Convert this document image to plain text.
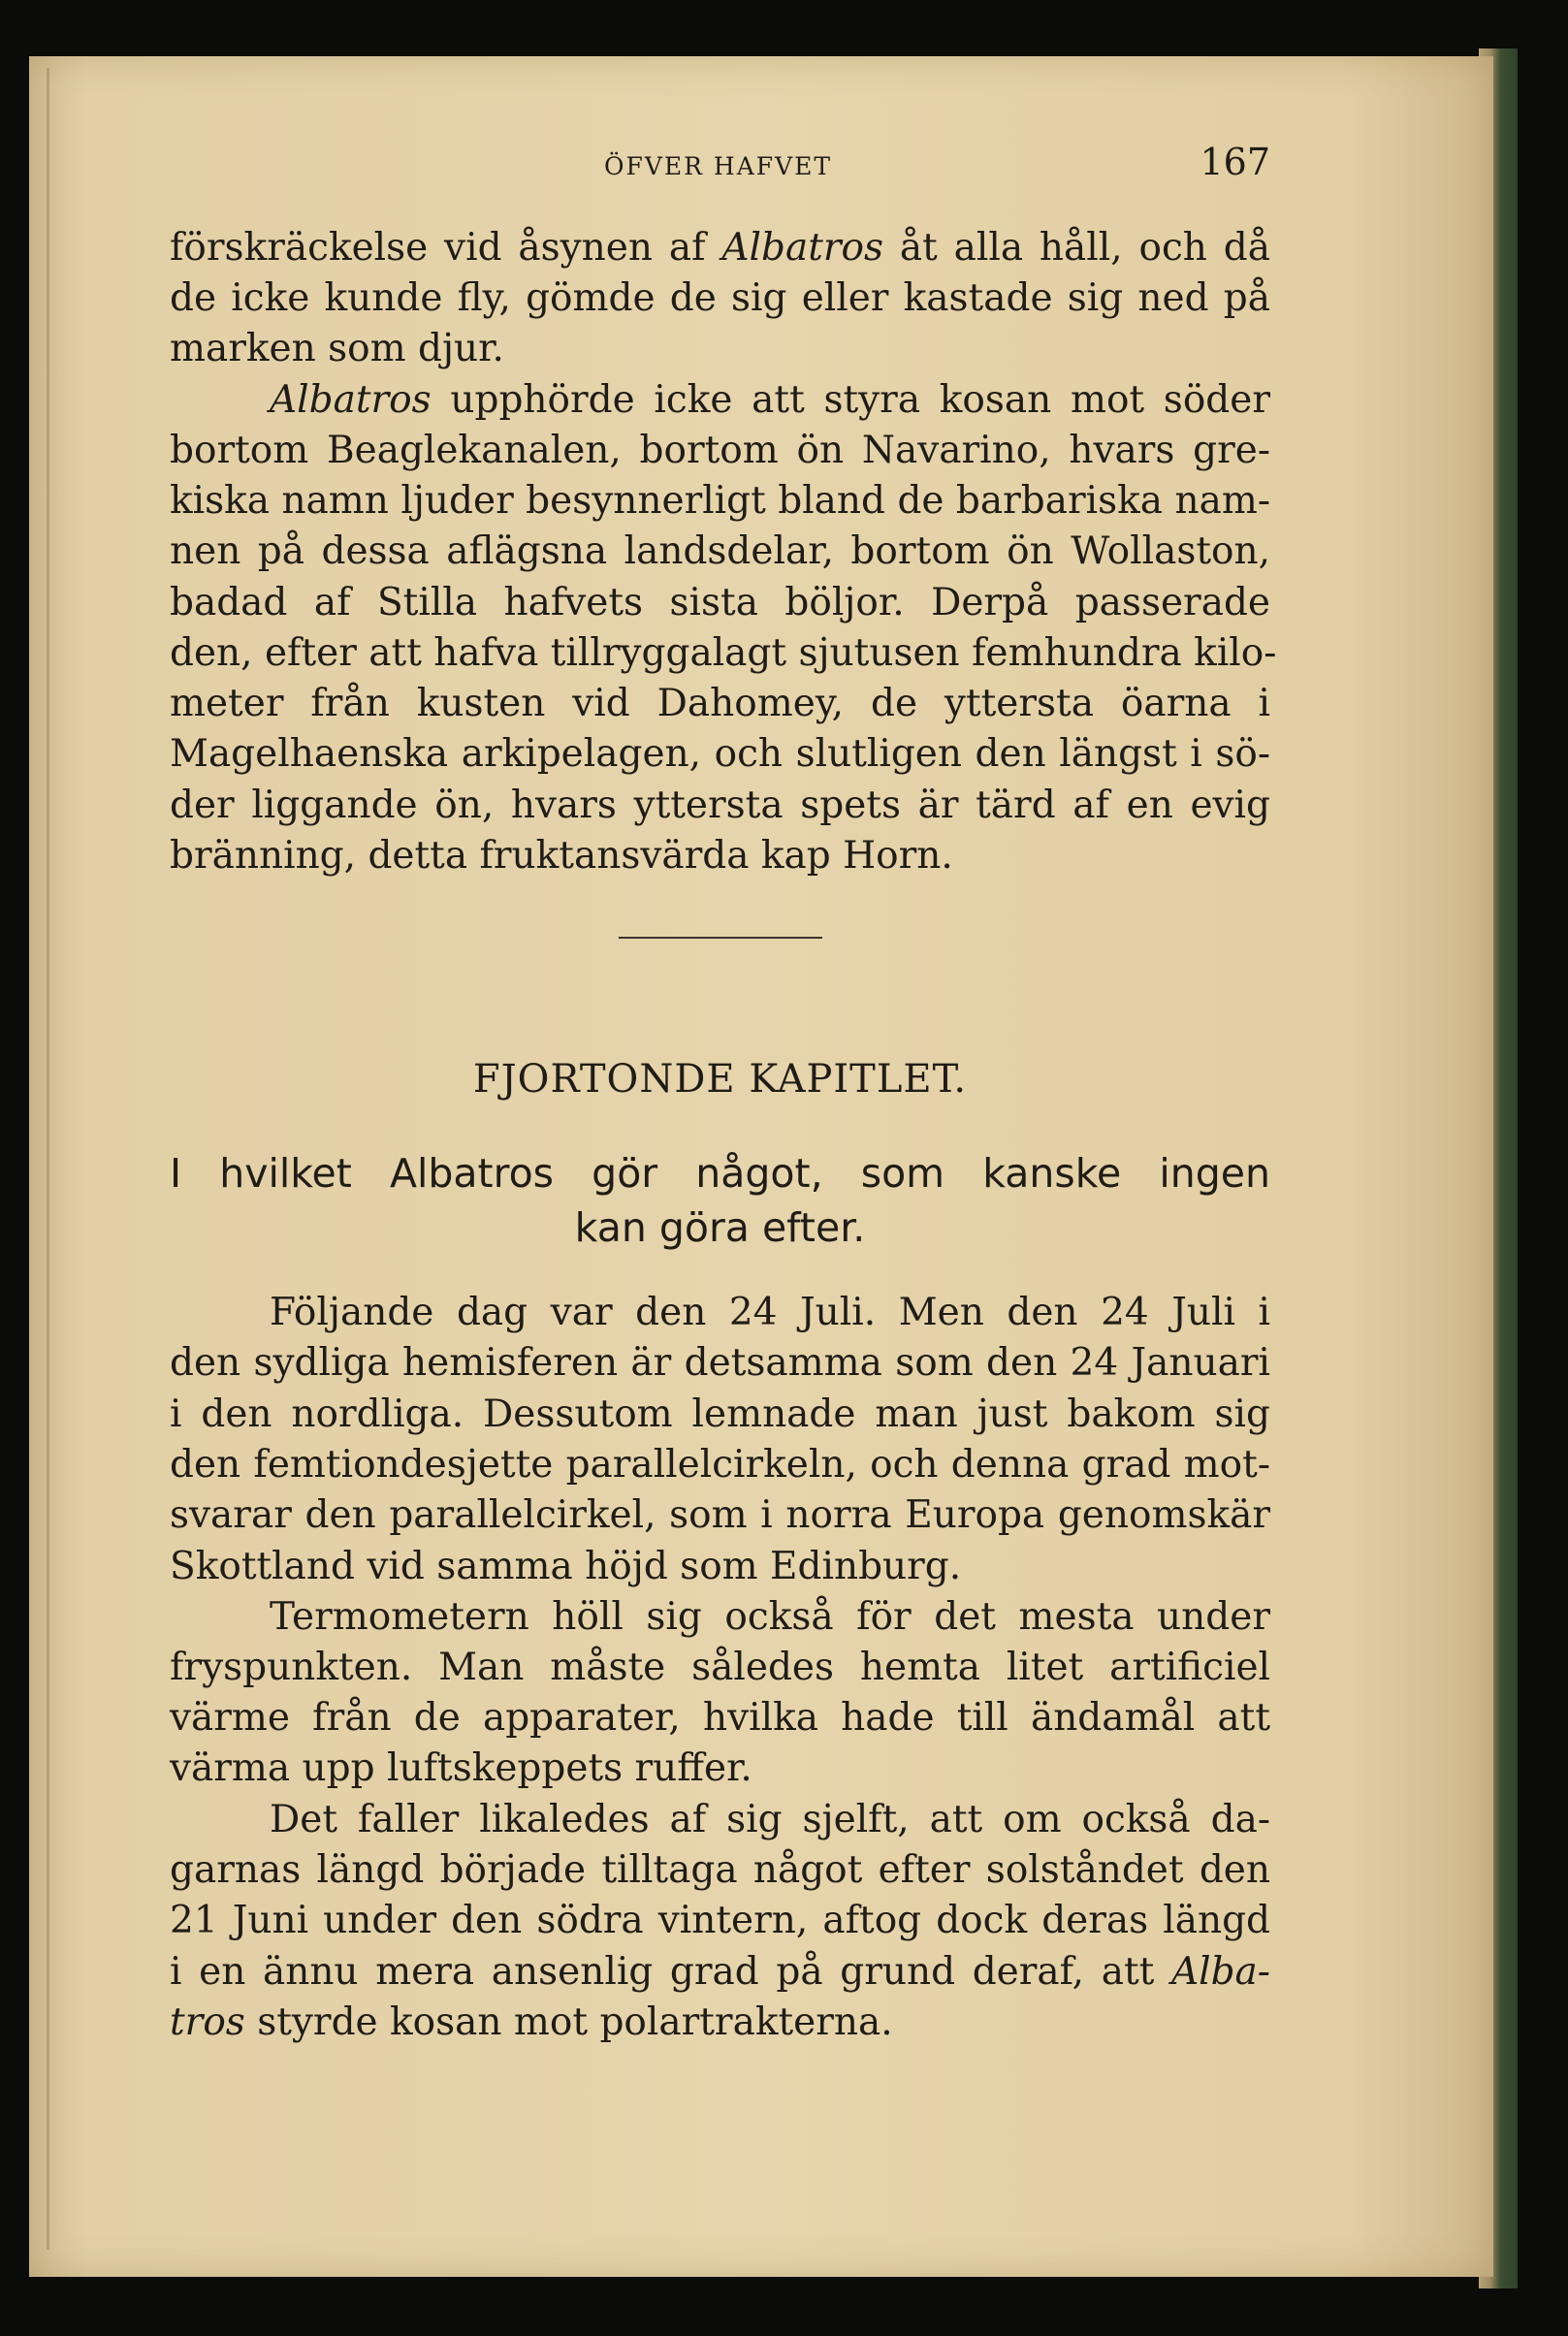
ÖFVER HAFVET	167
förskräckelse vid åsynen af Albatros åt alla håll, och då
de icke kunde fly, gömde de sig eller kastade sig ned på
marken som djur.
Albatros upphörde icke att styra kosan mot söder
bortom Beaglekanalen, bortom ön Navarino, hvars gre-
kiska namn ljuder besynnerligt bland de barbariska nam-
nen på dessa aflägsna landsdelar, bortom ön Wollaston,
badad af Stilla hafvets sista böljor. Derpå passerade
den, efter att hafva tillryggalagt sjutusen femhundra kilo-
meter från kusten vid Dahomey, de yttersta öarna i
Magelhaenska arkipelagen, och slutligen den längst i sö-
der liggande ön, hvars yttersta spets är tärd af en evig
bränning, detta fruktansvärda kap Horn.
FJORTONDE KAPITLET.
I hvilket Albatros gör något, som kanske ingen
kan göra efter.
Följande dag var den 24 Juli. Men den 24 Juli i
den sydliga hemisferen är detsamma som den 24 Januari
i den nordliga. Dessutom lemnade man just bakom sig
den femtiondesjette parallelcirkeln, och denna grad mot-
svarar den parallelcirkel, som i norra Europa genomskär
Skottland vid samma höjd som Edinburg.
Termometern höll sig också för det mesta under
fryspunkten. Man måste således hemta litet artificiel
värme från de apparater, hvilka hade till ändamål att
värma upp luftskeppets ruffer.
Det faller likaledes af sig sjelft, att om också da-
garnas längd började tilltaga något efter solståndet den
21 Juni under den södra vintern, aftog dock deras längd
i en ännu mera ansenlig grad på grund deraf, att Alba-
tros styrde kosan mot polartrakterna.
